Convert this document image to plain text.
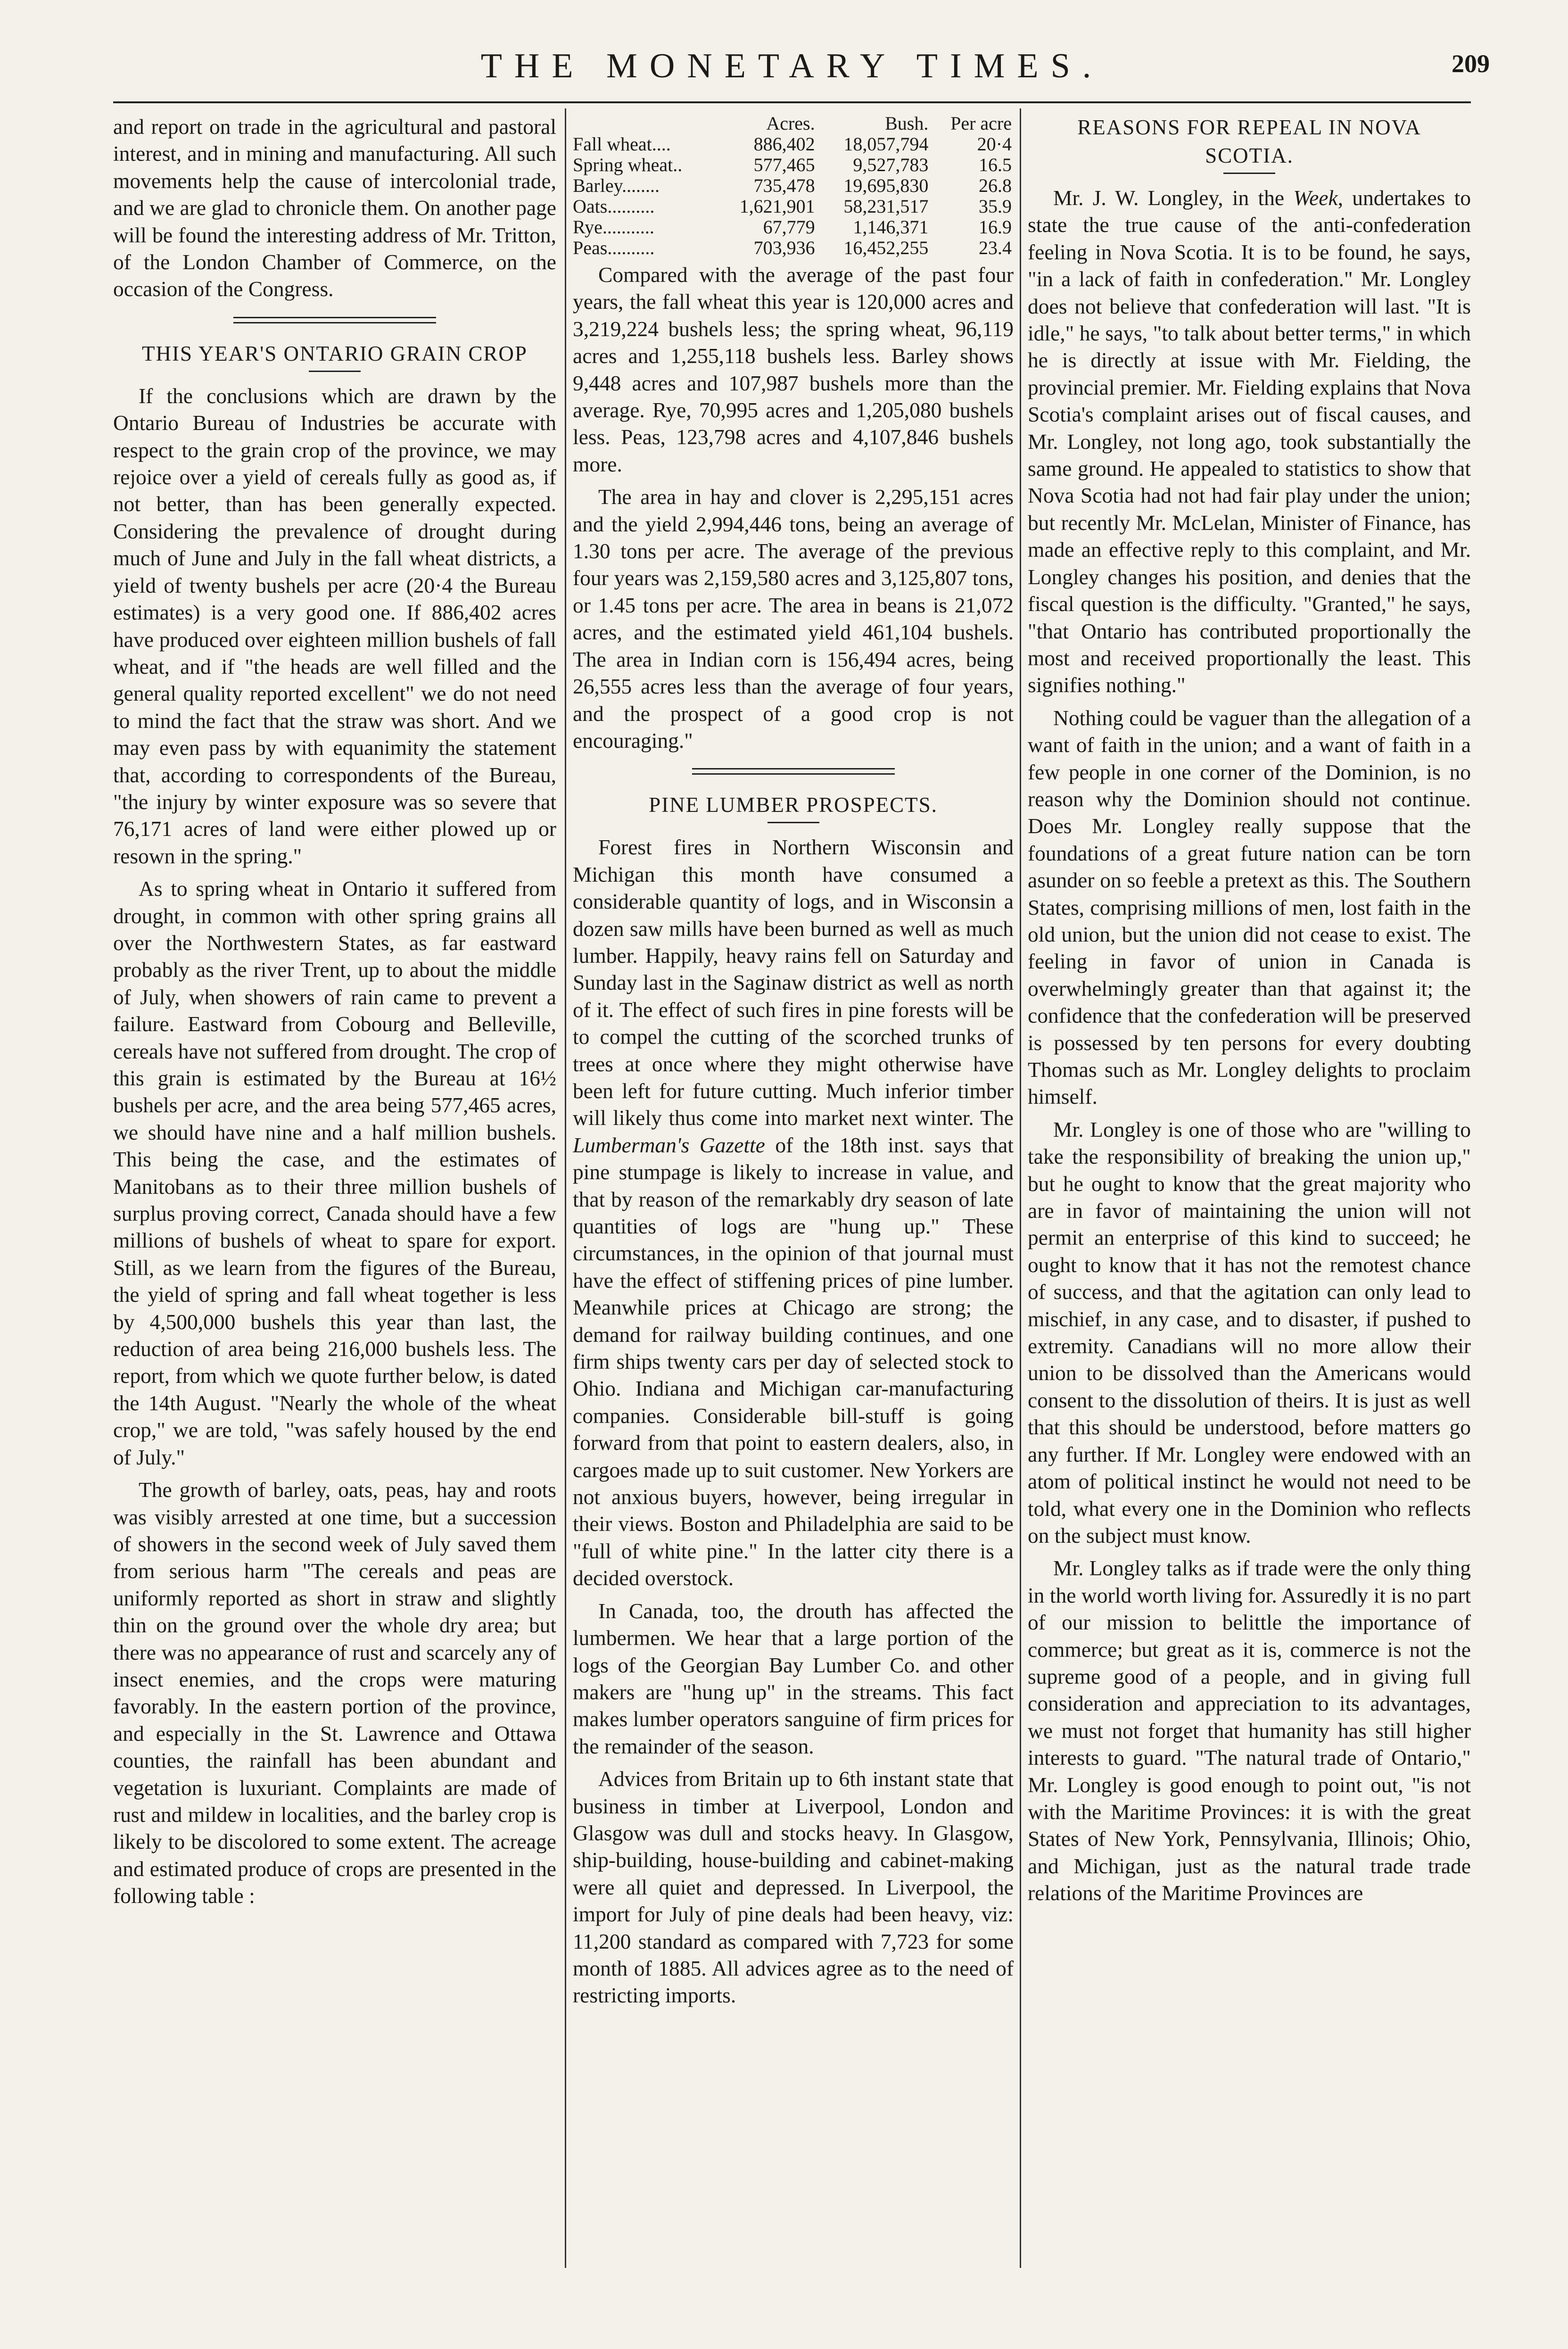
THE MONETARY TIMES.	209

and report on trade in the agricultural and pastoral interest, and in mining and manufacturing. All such movements help the cause of intercolonial trade, and we are glad to chronicle them. On another page will be found the interesting address of Mr. Tritton, of the London Chamber of Commerce, on the occasion of the Congress.

THIS YEAR'S ONTARIO GRAIN CROP

If the conclusions which are drawn by the Ontario Bureau of Industries be accurate with respect to the grain crop of the province, we may rejoice over a yield of cereals fully as good as, if not better, than has been generally expected. Considering the prevalence of drought during much of June and July in the fall wheat districts, a yield of twenty bushels per acre (20·4 the Bureau estimates) is a very good one. If 886,402 acres have produced over eighteen million bushels of fall wheat, and if "the heads are well filled and the general quality reported excellent" we do not need to mind the fact that the straw was short. And we may even pass by with equanimity the statement that, according to correspondents of the Bureau, "the injury by winter exposure was so severe that 76,171 acres of land were either plowed up or resown in the spring."

As to spring wheat in Ontario it suffered from drought, in common with other spring grains all over the Northwestern States, as far eastward probably as the river Trent, up to about the middle of July, when showers of rain came to prevent a failure. Eastward from Cobourg and Belleville, cereals have not suffered from drought. The crop of this grain is estimated by the Bureau at 16½ bushels per acre, and the area being 577,465 acres, we should have nine and a half million bushels. This being the case, and the estimates of Manitobans as to their three million bushels of surplus proving correct, Canada should have a few millions of bushels of wheat to spare for export. Still, as we learn from the figures of the Bureau, the yield of spring and fall wheat together is less by 4,500,000 bushels this year than last, the reduction of area being 216,000 bushels less. The report, from which we quote further below, is dated the 14th August. "Nearly the whole of the wheat crop," we are told, "was safely housed by the end of July."

The growth of barley, oats, peas, hay and roots was visibly arrested at one time, but a succession of showers in the second week of July saved them from serious harm "The cereals and peas are uniformly reported as short in straw and slightly thin on the ground over the whole dry area; but there was no appearance of rust and scarcely any of insect enemies, and the crops were maturing favorably. In the eastern portion of the province, and especially in the St. Lawrence and Ottawa counties, the rainfall has been abundant and vegetation is luxuriant. Complaints are made of rust and mildew in localities, and the barley crop is likely to be discolored to some extent. The acreage and estimated produce of crops are presented in the following table :

	Acres.	Bush.	Per acre
Fall wheat....	886,402	18,057,794	20·4
Spring wheat..	577,465	9,527,783	16.5
Barley........	735,478	19,695,830	26.8
Oats..........	1,621,901	58,231,517	35.9
Rye...........	67,779	1,146,371	16.9
Peas..........	703,936	16,452,255	23.4

Compared with the average of the past four years, the fall wheat this year is 120,000 acres and 3,219,224 bushels less; the spring wheat, 96,119 acres and 1,255,118 bushels less. Barley shows 9,448 acres and 107,987 bushels more than the average. Rye, 70,995 acres and 1,205,080 bushels less. Peas, 123,798 acres and 4,107,846 bushels more.

The area in hay and clover is 2,295,151 acres and the yield 2,994,446 tons, being an average of 1.30 tons per acre. The average of the previous four years was 2,159,580 acres and 3,125,807 tons, or 1.45 tons per acre. The area in beans is 21,072 acres, and the estimated yield 461,104 bushels. The area in Indian corn is 156,494 acres, being 26,555 acres less than the average of four years, and the prospect of a good crop is not encouraging."

PINE LUMBER PROSPECTS.

Forest fires in Northern Wisconsin and Michigan this month have consumed a considerable quantity of logs, and in Wisconsin a dozen saw mills have been burned as well as much lumber. Happily, heavy rains fell on Saturday and Sunday last in the Saginaw district as well as north of it. The effect of such fires in pine forests will be to compel the cutting of the scorched trunks of trees at once where they might otherwise have been left for future cutting. Much inferior timber will likely thus come into market next winter. The Lumberman's Gazette of the 18th inst. says that pine stumpage is likely to increase in value, and that by reason of the remarkably dry season of late quantities of logs are "hung up." These circumstances, in the opinion of that journal must have the effect of stiffening prices of pine lumber. Meanwhile prices at Chicago are strong; the demand for railway building continues, and one firm ships twenty cars per day of selected stock to Ohio. Indiana and Michigan car-manufacturing companies. Considerable bill-stuff is going forward from that point to eastern dealers, also, in cargoes made up to suit customer. New Yorkers are not anxious buyers, however, being irregular in their views. Boston and Philadelphia are said to be "full of white pine." In the latter city there is a decided overstock.

In Canada, too, the drouth has affected the lumbermen. We hear that a large portion of the logs of the Georgian Bay Lumber Co. and other makers are "hung up" in the streams. This fact makes lumber operators sanguine of firm prices for the remainder of the season.

Advices from Britain up to 6th instant state that business in timber at Liverpool, London and Glasgow was dull and stocks heavy. In Glasgow, ship-building, house-building and cabinet-making were all quiet and depressed. In Liverpool, the import for July of pine deals had been heavy, viz: 11,200 standard as compared with 7,723 for some month of 1885. All advices agree as to the need of restricting imports.

REASONS FOR REPEAL IN NOVA
SCOTIA.

Mr. J. W. Longley, in the Week, undertakes to state the true cause of the anti-confederation feeling in Nova Scotia. It is to be found, he says, "in a lack of faith in confederation." Mr. Longley does not believe that confederation will last. "It is idle," he says, "to talk about better terms," in which he is directly at issue with Mr. Fielding, the provincial premier. Mr. Fielding explains that Nova Scotia's complaint arises out of fiscal causes, and Mr. Longley, not long ago, took substantially the same ground. He appealed to statistics to show that Nova Scotia had not had fair play under the union; but recently Mr. McLelan, Minister of Finance, has made an effective reply to this complaint, and Mr. Longley changes his position, and denies that the fiscal question is the difficulty. "Granted," he says, "that Ontario has contributed proportionally the most and received proportionally the least. This signifies nothing."

Nothing could be vaguer than the allegation of a want of faith in the union; and a want of faith in a few people in one corner of the Dominion, is no reason why the Dominion should not continue. Does Mr. Longley really suppose that the foundations of a great future nation can be torn asunder on so feeble a pretext as this. The Southern States, comprising millions of men, lost faith in the old union, but the union did not cease to exist. The feeling in favor of union in Canada is overwhelmingly greater than that against it; the confidence that the confederation will be preserved is possessed by ten persons for every doubting Thomas such as Mr. Longley delights to proclaim himself.

Mr. Longley is one of those who are "willing to take the responsibility of breaking the union up," but he ought to know that the great majority who are in favor of maintaining the union will not permit an enterprise of this kind to succeed; he ought to know that it has not the remotest chance of success, and that the agitation can only lead to mischief, in any case, and to disaster, if pushed to extremity. Canadians will no more allow their union to be dissolved than the Americans would consent to the dissolution of theirs. It is just as well that this should be understood, before matters go any further. If Mr. Longley were endowed with an atom of political instinct he would not need to be told, what every one in the Dominion who reflects on the subject must know.

Mr. Longley talks as if trade were the only thing in the world worth living for. Assuredly it is no part of our mission to belittle the importance of commerce; but great as it is, commerce is not the supreme good of a people, and in giving full consideration and appreciation to its advantages, we must not forget that humanity has still higher interests to guard. "The natural trade of Ontario," Mr. Longley is good enough to point out, "is not with the Maritime Provinces: it is with the great States of New York, Pennsylvania, Illinois; Ohio, and Michigan, just as the natural trade trade relations of the Maritime Provinces are
